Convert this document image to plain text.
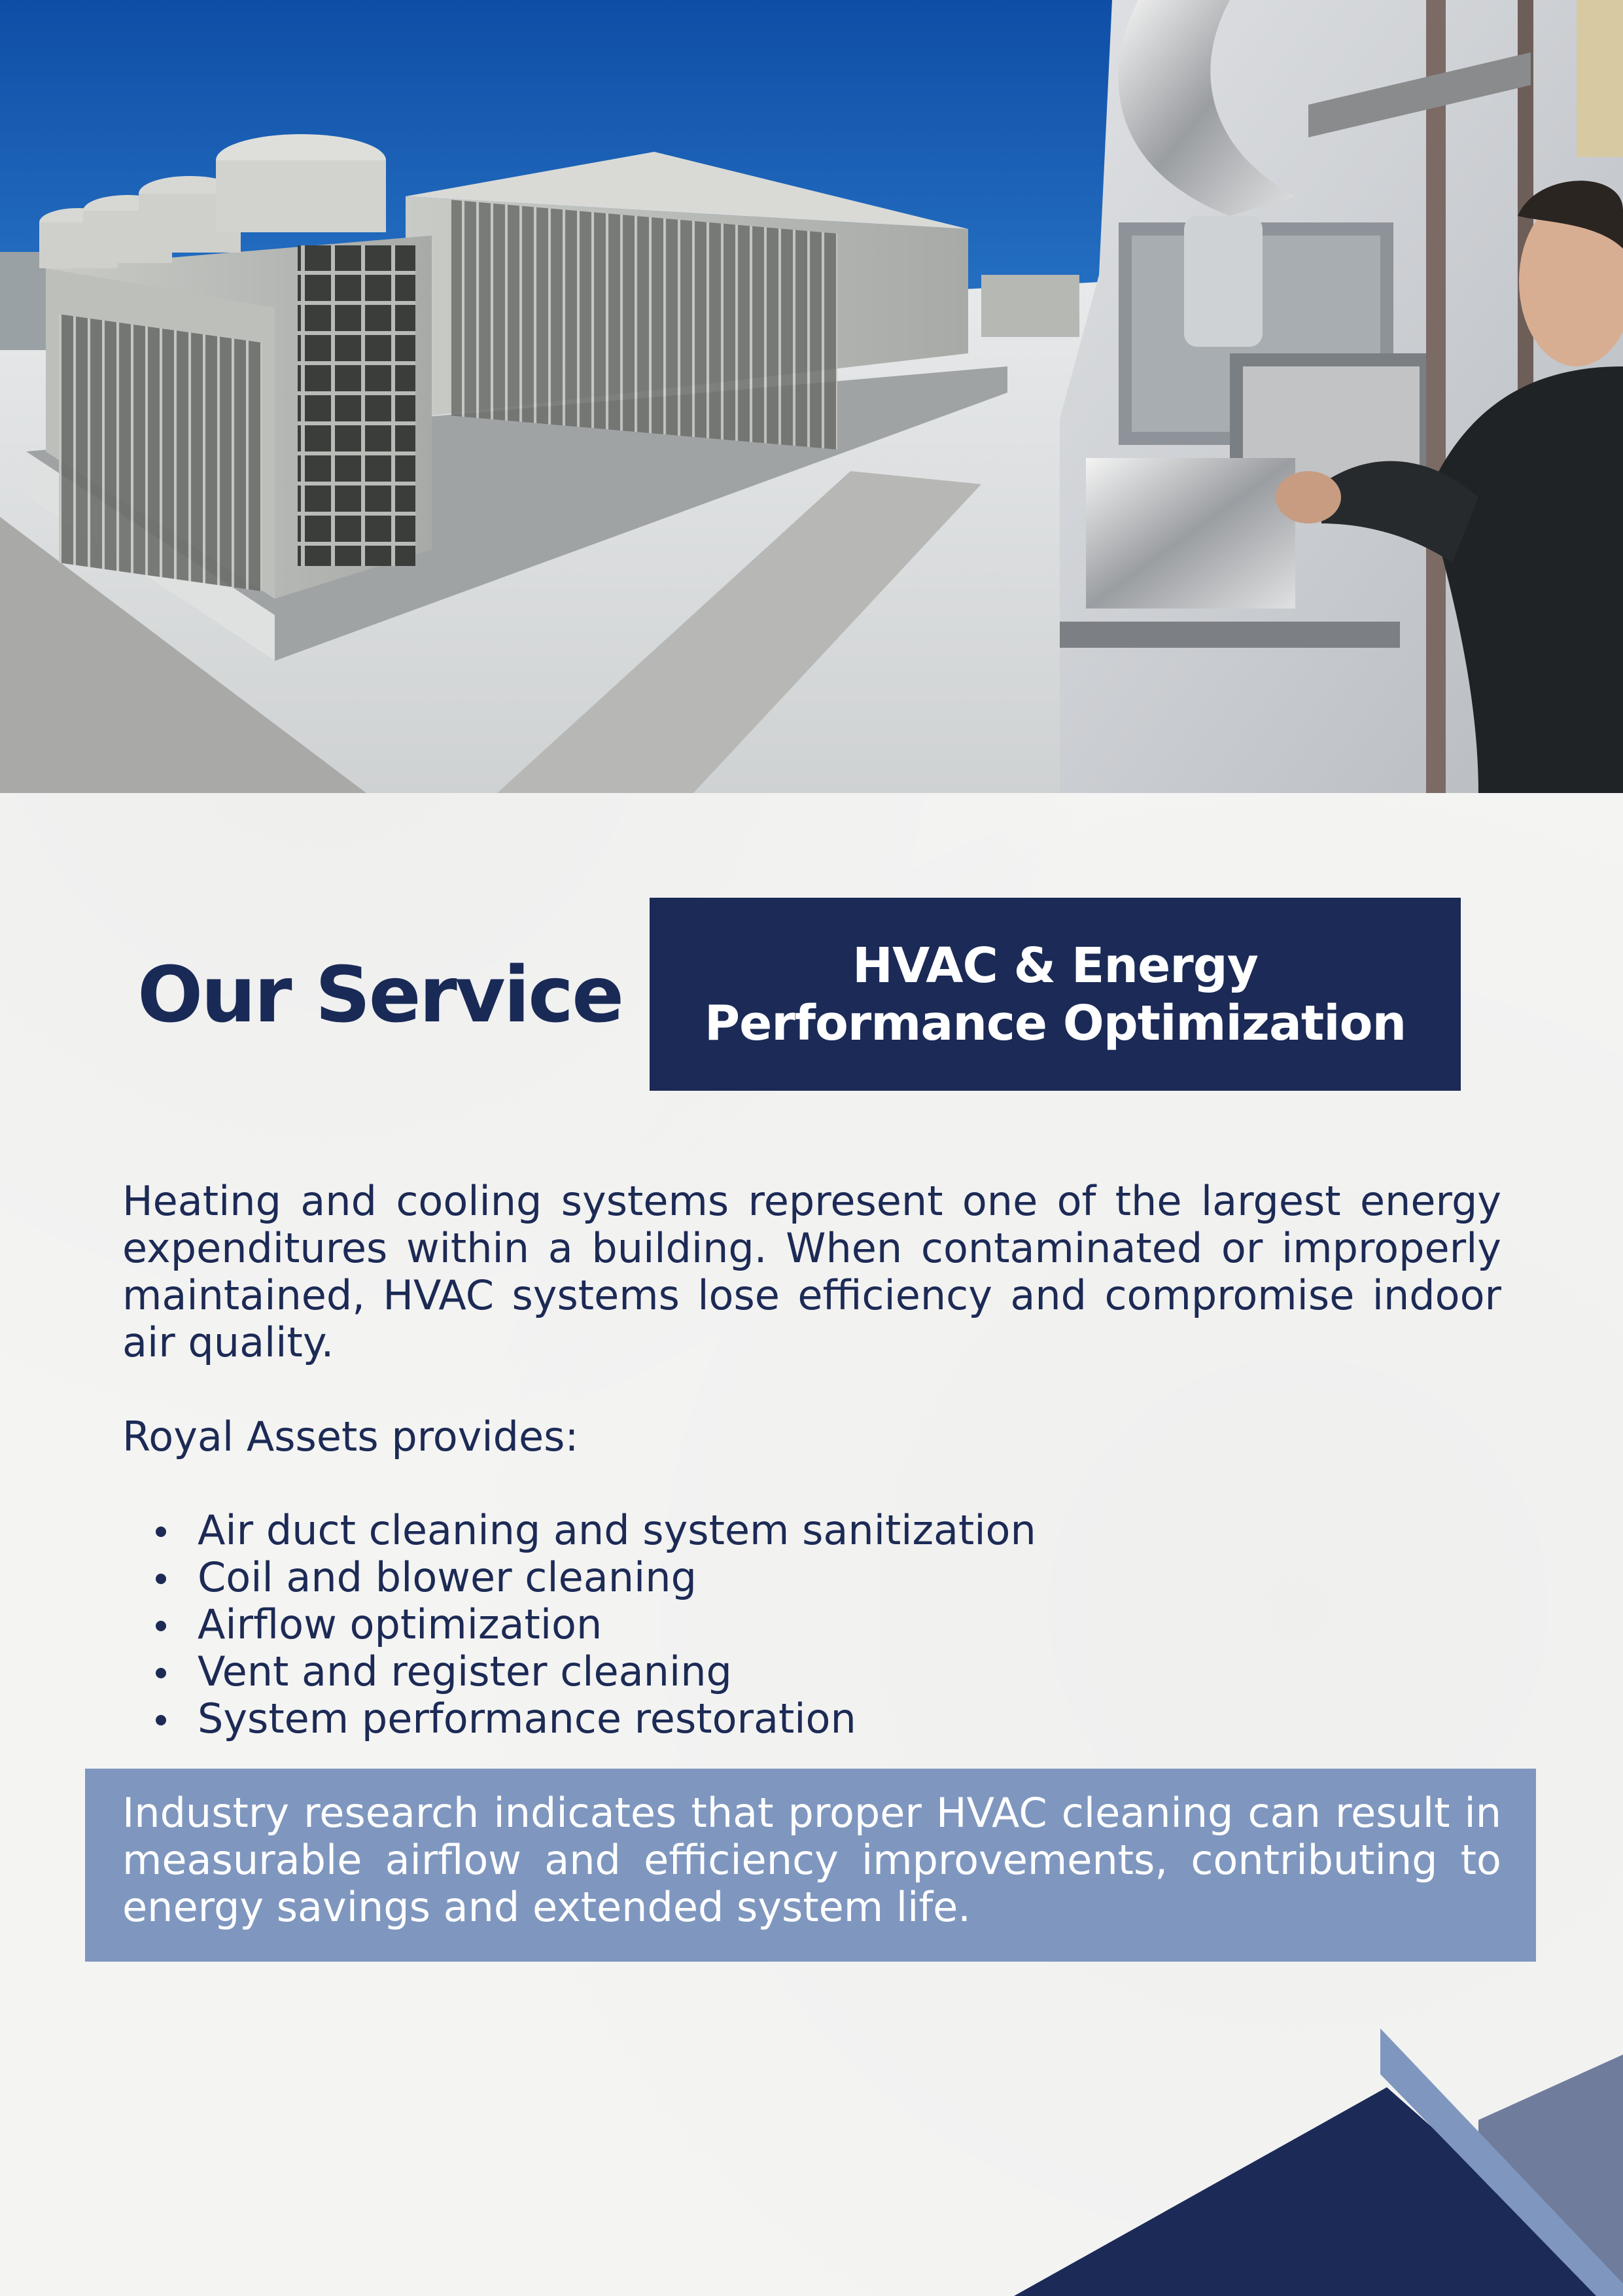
Our Service	HVAC & Energy
Performance Optimization
Heating and cooling systems represent one of the largest energy expenditures within a building. When contaminated or improperly maintained, HVAC systems lose efficiency and compromise indoor air quality.
Royal Assets provides:
Air duct cleaning and system sanitization
Coil and blower cleaning
Airflow optimization
Vent and register cleaning
System performance restoration
Industry research indicates that proper HVAC cleaning can result in measurable airflow and efficiency improvements, contributing to energy savings and extended system life.
